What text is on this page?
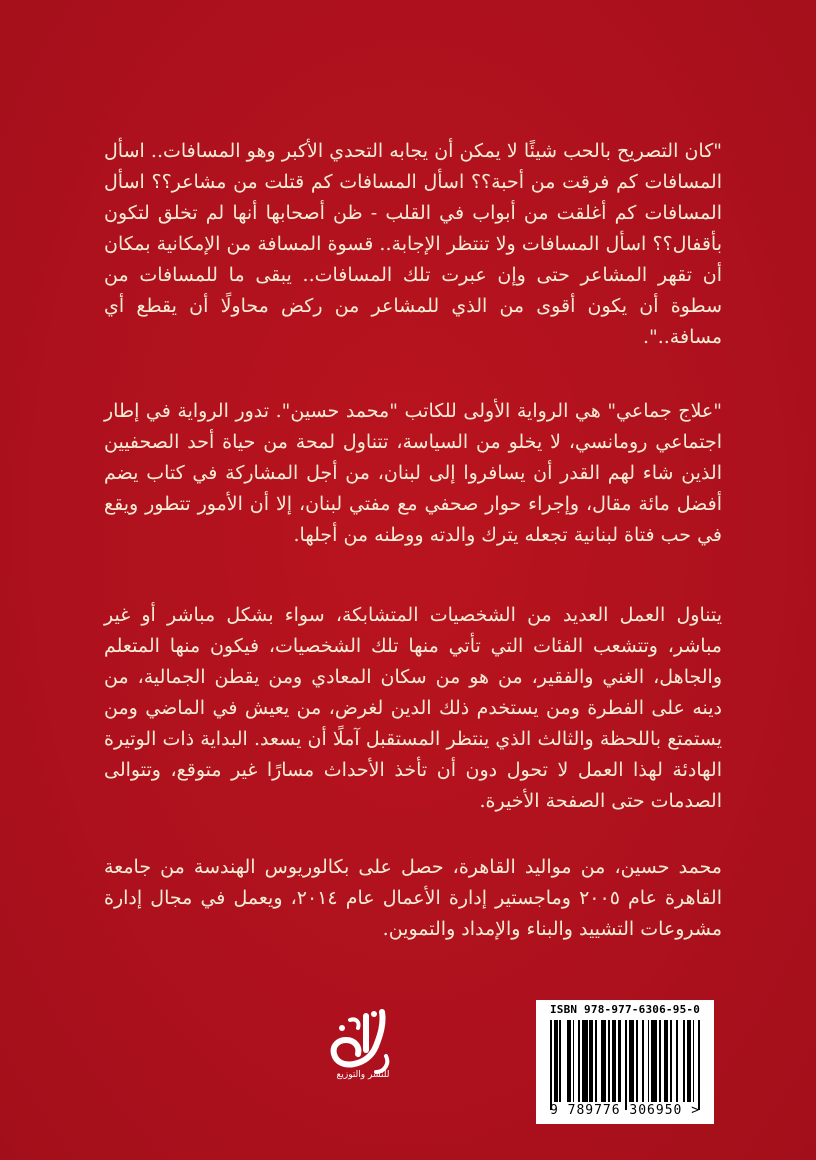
"كان التصريح بالحب شيئًا لا يمكن أن يجابه التحدي الأكبر وهو المسافات.. اسأل المسافات كم فرقت من أحبة؟؟ اسأل المسافات كم قتلت من مشاعر؟؟ اسأل المسافات كم أغلقت من أبواب في القلب - ظن أصحابها أنها لم تخلق لتكون بأقفال؟؟ اسأل المسافات ولا تنتظر الإجابة.. قسوة المسافة من الإمكانية بمكان أن تقهر المشاعر حتى وإن عبرت تلك المسافات.. يبقى ما للمسافات من سطوة أن يكون أقوى من الذي للمشاعر من ركض محاولًا أن يقطع أي مسافة..".
"علاج جماعي" هي الرواية الأولى للكاتب "محمد حسين". تدور الرواية في إطار اجتماعي رومانسي، لا يخلو من السياسة، تتناول لمحة من حياة أحد الصحفيين الذين شاء لهم القدر أن يسافروا إلى لبنان، من أجل المشاركة في كتاب يضم أفضل مائة مقال، وإجراء حوار صحفي مع مفتي لبنان، إلا أن الأمور تتطور ويقع في حب فتاة لبنانية تجعله يترك والدته ووطنه من أجلها.
يتناول العمل العديد من الشخصيات المتشابكة، سواء بشكل مباشر أو غير مباشر، وتتشعب الفئات التي تأتي منها تلك الشخصيات، فيكون منها المتعلم والجاهل، الغني والفقير، من هو من سكان المعادي ومن يقطن الجمالية، من دينه على الفطرة ومن يستخدم ذلك الدين لغرض، من يعيش في الماضي ومن يستمتع باللحظة والثالث الذي ينتظر المستقبل آملًا أن يسعد. البداية ذات الوتيرة الهادئة لهذا العمل لا تحول دون أن تأخذ الأحداث مسارًا غير متوقع، وتتوالى الصدمات حتى الصفحة الأخيرة.
محمد حسين، من مواليد القاهرة، حصل على بكالوريوس الهندسة من جامعة القاهرة عام ٢٠٠٥ وماجستير إدارة الأعمال عام ٢٠١٤، ويعمل في مجال إدارة مشروعات التشييد والبناء والإمداد والتموين.
للنشر والتوزيع
ISBN 978-977-6306-95-0
9 789776 306950 >
